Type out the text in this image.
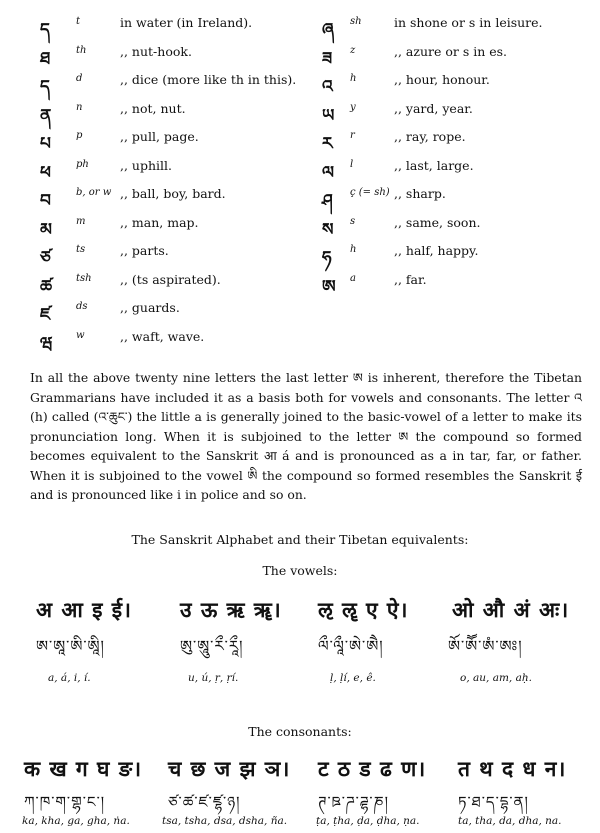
ད	t	in water (in Ireland).
ཐ	th	,, nut-hook.
ད	d	,, dice (more like th in this).
ན n	,, not, nut.
པ	p	,, pull, page.
ཕ	ph ,, uphill.
བ	b, or w ,, ball, boy, bard.
མ m	,, man, map.
ཙ	ts	,, parts.
ཚ tsh ,, (ts aspirated).
ཛ	ds	,, guards.
ཝ w	,, waft, wave.
ཞ sh	in shone or s in leisure.
ཟ z	,, azure or s in es.
འ h	,, hour, honour.
ཡ y	,, yard, year.
ར r	,, ray, rope.
ལ l	,, last, large.
ཤ ç (= sh) ,, sharp.
ས s	,, same, soon.
ཧ h	,, half, happy.
ཨ a	,, far.

In all the above twenty nine letters the last letter ཨ is inherent, therefore the Tibetan Grammarians have included it as a basis both for vowels and consonants. The letter འ (h) called (འ་ཆུང་) the little a is generally joined to the basic-vowel of a letter to make its pronunciation long. When it is subjoined to the letter ཨ the compound so formed becomes equivalent to the Sanskrit आ á and is pronounced as a in tar, far, or father. When it is subjoined to the vowel ཨི the compound so formed resembles the Sanskrit ई and is pronounced like i in police and so on.

The Sanskrit Alphabet and their Tibetan equivalents:
The vowels:
अ आ इ ई। उ ऊ ऋ ॠ। ऌ ॡ ए ऐ। ओ औ अं अः।
ཨ་ཨཱ་ཨི་ཨཱི།	ཨུ་ཨཱུ་རྀ་རཱྀ།	ལྀ་ལཱྀ་ཨེ་ཨཻ།	ཨོ་ཨཽ་ཨཾ་ཨཿ།
a, á, i, í.	u, ú, ṛ, ṛí.	ḷ, ḷí, e, ê.	o, au, am, aḥ.
The consonants:
क ख ग घ ङ। च छ ज झ ञ। ट ठ ड ढ ण। त थ द ध न।
ཀ་ཁ་ག་གྷ་ང་།	ཙ་ཚ་ཛ་ཛྷ་ཉ།	ཊ་ཋ་ཌ་ཌྷ་ཎ།	ཏ་ཐ་ད་དྷ་ན།
ka, kha, ga, gha, ṅa.	tsa, tsha, dsa, dsha, ña.	ṭa, ṭha, ḍa, ḍha, ṇa.	ta, tha, da, dha, na.
